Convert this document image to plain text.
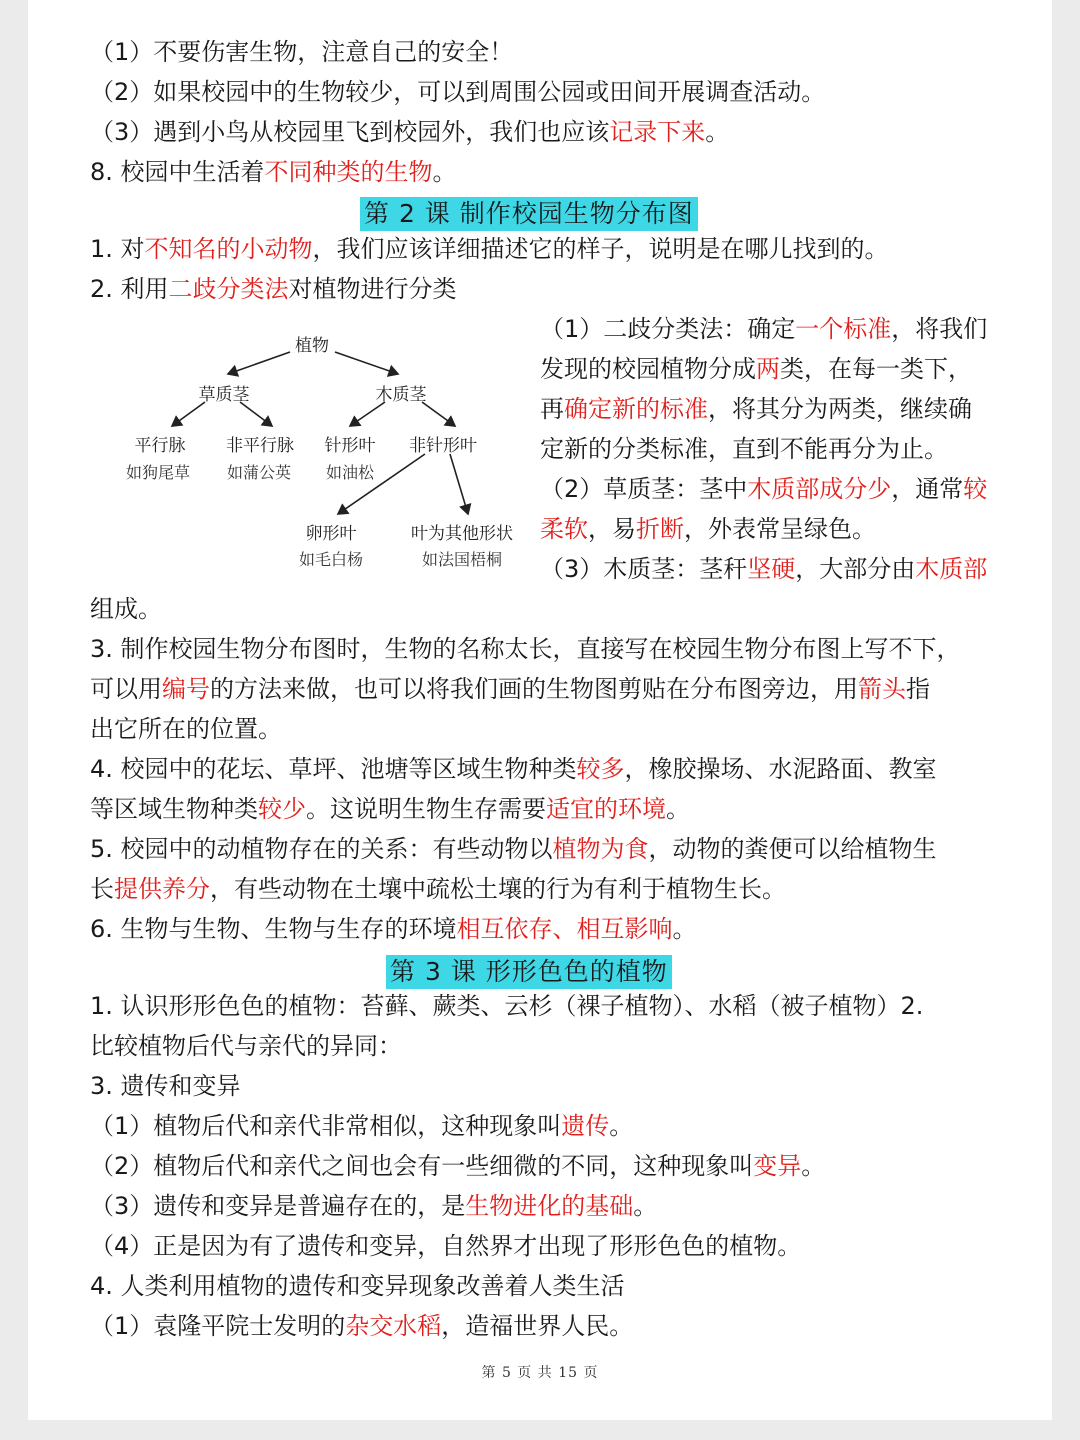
（1）不要伤害生物，注意自己的安全！
（2）如果校园中的生物较少，可以到周围公园或田间开展调查活动。
（3）遇到小鸟从校园里飞到校园外，我们也应该记录下来。
8. 校园中生活着不同种类的生物。
第 2 课 制作校园生物分布图
1. 对不知名的小动物，我们应该详细描述它的样子，说明是在哪儿找到的。
2. 利用二歧分类法对植物进行分类
植物
草质茎	木质茎
平行脉
如狗尾草
非平行脉
如蒲公英
针形叶
如油松
非针形叶
卵形叶
如毛白杨
叶为其他形状
如法国梧桐
（1）二歧分类法：确定一个标准，将我们
发现的校园植物分成两类，在每一类下，
再确定新的标准，将其分为两类，继续确
定新的分类标准，直到不能再分为止。
（2）草质茎：茎中木质部成分少，通常较
柔软，易折断，外表常呈绿色。
（3）木质茎：茎秆坚硬，大部分由木质部
组成。
3. 制作校园生物分布图时，生物的名称太长，直接写在校园生物分布图上写不下，
可以用编号的方法来做，也可以将我们画的生物图剪贴在分布图旁边，用箭头指
出它所在的位置。
4. 校园中的花坛、草坪、池塘等区域生物种类较多，橡胶操场、水泥路面、教室
等区域生物种类较少。这说明生物生存需要适宜的环境。
5. 校园中的动植物存在的关系：有些动物以植物为食，动物的粪便可以给植物生
长提供养分，有些动物在土壤中疏松土壤的行为有利于植物生长。
6. 生物与生物、生物与生存的环境相互依存、相互影响。
第 3 课 形形色色的植物
1. 认识形形色色的植物：苔藓、蕨类、云杉（裸子植物）、水稻（被子植物）2.
比较植物后代与亲代的异同：
3. 遗传和变异
（1）植物后代和亲代非常相似，这种现象叫遗传。
（2）植物后代和亲代之间也会有一些细微的不同，这种现象叫变异。
（3）遗传和变异是普遍存在的，是生物进化的基础。
（4）正是因为有了遗传和变异，自然界才出现了形形色色的植物。
4. 人类利用植物的遗传和变异现象改善着人类生活
（1）袁隆平院士发明的杂交水稻，造福世界人民。
第 5 页 共 15 页
